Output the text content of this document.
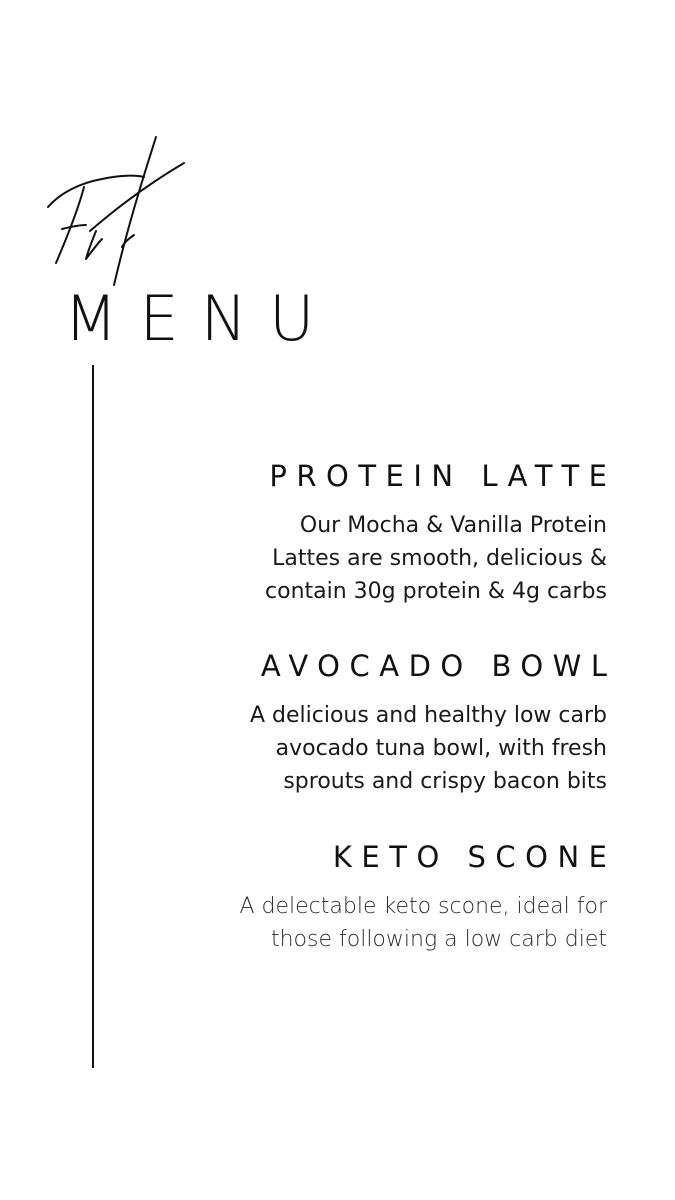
MENU
PROTEIN LATTE
Our Mocha & Vanilla Protein
Lattes are smooth, delicious &
contain 30g protein & 4g carbs
AVOCADO BOWL
A delicious and healthy low carb
avocado tuna bowl, with fresh
sprouts and crispy bacon bits
KETO SCONE
A delectable keto scone, ideal for
those following a low carb diet
